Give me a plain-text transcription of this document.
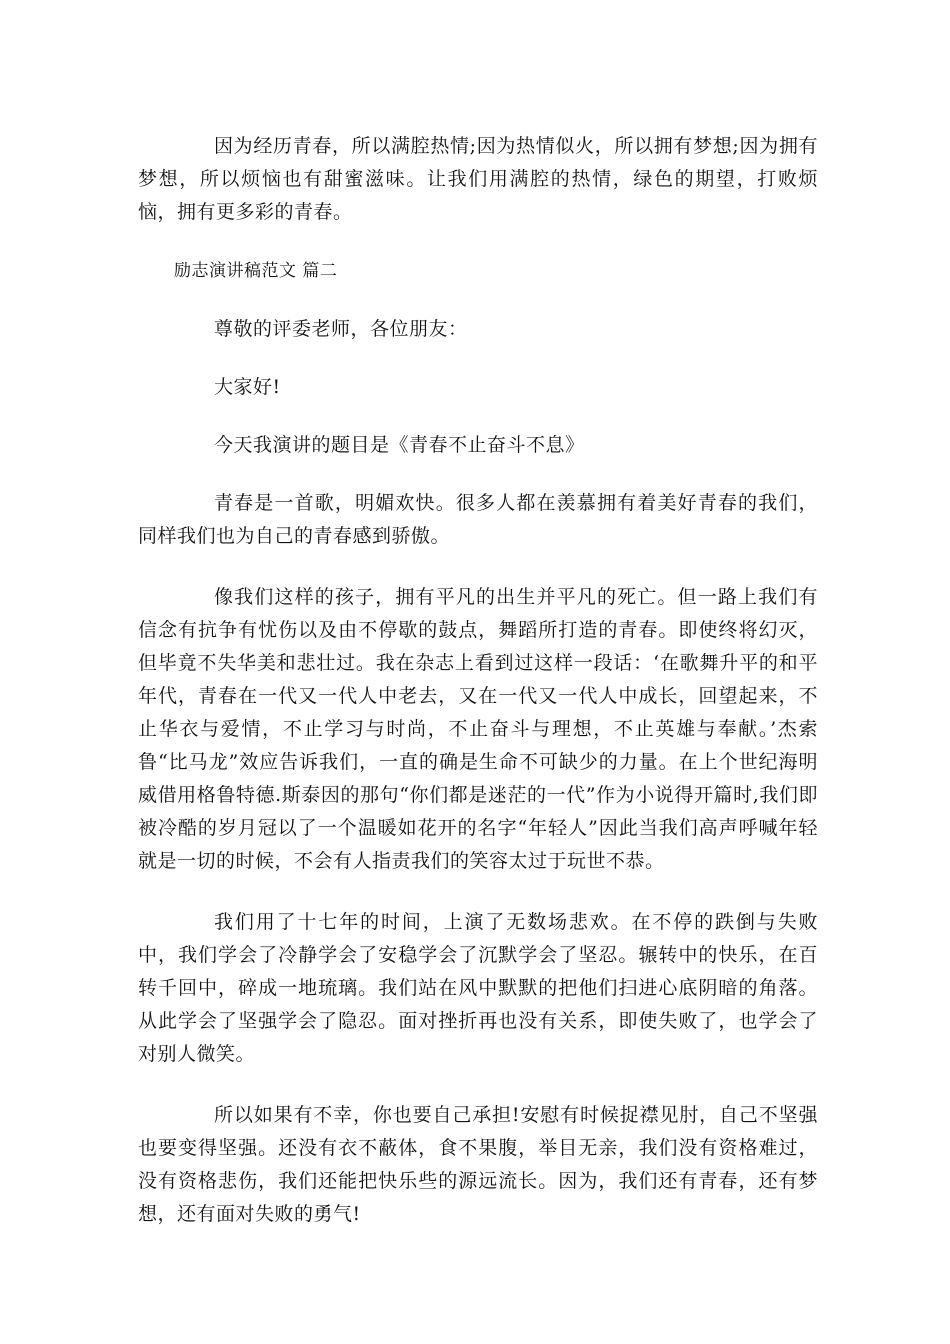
因为经历青春，所以满腔热情;因为热情似火，所以拥有梦想;因为拥有梦想，所以烦恼也有甜蜜滋味。让我们用满腔的热情，绿色的期望，打败烦恼，拥有更多彩的青春。

励志演讲稿范文 篇二

尊敬的评委老师，各位朋友：

大家好!

今天我演讲的题目是《青春不止奋斗不息》

青春是一首歌，明媚欢快。很多人都在羡慕拥有着美好青春的我们，同样我们也为自己的青春感到骄傲。

像我们这样的孩子，拥有平凡的出生并平凡的死亡。但一路上我们有信念有抗争有忧伤以及由不停歇的鼓点，舞蹈所打造的青春。即使终将幻灭，但毕竟不失华美和悲壮过。我在杂志上看到过这样一段话：‘在歌舞升平的和平年代，青春在一代又一代人中老去，又在一代又一代人中成长，回望起来，不止华衣与爱情，不止学习与时尚，不止奋斗与理想，不止英雄与奉献。’杰索鲁“比马龙”效应告诉我们，一直的确是生命不可缺少的力量。在上个世纪海明威借用格鲁特德.斯泰因的那句“你们都是迷茫的一代”作为小说得开篇时,我们即被冷酷的岁月冠以了一个温暖如花开的名字“年轻人”因此当我们高声呼喊年轻就是一切的时候，不会有人指责我们的笑容太过于玩世不恭。

我们用了十七年的时间，上演了无数场悲欢。在不停的跌倒与失败中，我们学会了冷静学会了安稳学会了沉默学会了坚忍。辗转中的快乐，在百转千回中，碎成一地琉璃。我们站在风中默默的把他们扫进心底阴暗的角落。从此学会了坚强学会了隐忍。面对挫折再也没有关系，即使失败了，也学会了对别人微笑。

所以如果有不幸，你也要自己承担!安慰有时候捉襟见肘，自己不坚强也要变得坚强。还没有衣不蔽体，食不果腹，举目无亲，我们没有资格难过，没有资格悲伤，我们还能把快乐些的源远流长。因为，我们还有青春，还有梦想，还有面对失败的勇气!
